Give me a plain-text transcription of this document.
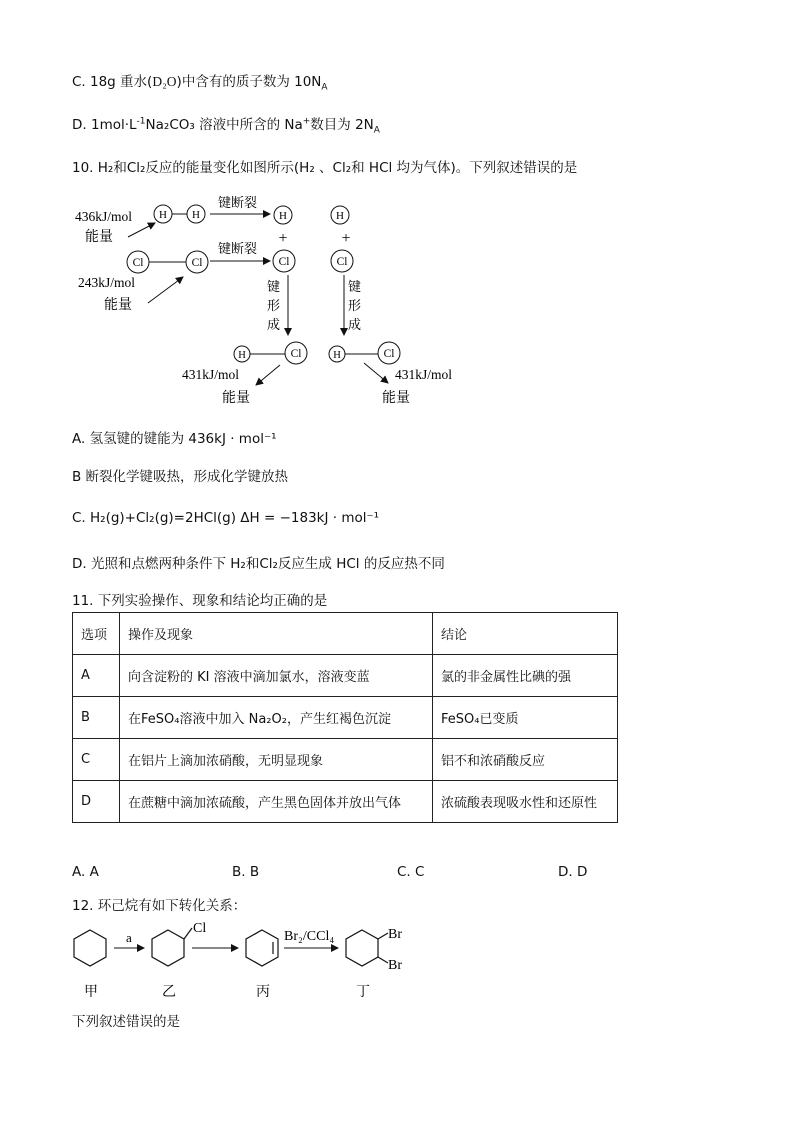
C. 18g 重水(D₂O)中含有的质子数为 $10N_A$
D. $1mol\cdot L^{-1}Na_2CO_3$ 溶液中所含的 Na+数目为 $2N_A$
10. H₂和Cl₂反应的能量变化如图所示(H₂ 、Cl₂和 HCl 均为气体)。下列叙述错误的是
H H
436kJ/mol
能量
键断裂
H
+
H
+
Cl	Cl
243kJ/mol
能量
键断裂
Cl	Cl
键
形
成
键
形
成
H	Cl
431kJ/mol
能量
H	Cl
431kJ/mol
能量
A. 氢氢键的键能为 436kJ · mol⁻¹
B 断裂化学键吸热，形成化学键放热
C. H₂(g)+Cl₂(g)=2HCl(g) ΔH = −183kJ · mol⁻¹
D. 光照和点燃两种条件下 H₂和Cl₂反应生成 HCl 的反应热不同
11. 下列实验操作、现象和结论均正确的是
选项	操作及现象	结论
A	向含淀粉的 KI 溶液中滴加氯水，溶液变蓝	氯的非金属性比碘的强
B	在FeSO₄溶液中加入 Na₂O₂，产生红褐色沉淀	FeSO₄已变质
C	在铝片上滴加浓硝酸，无明显现象	铝不和浓硝酸反应
D	在蔗糖中滴加浓硫酸，产生黑色固体并放出气体	浓硫酸表现吸水性和还原性
A. A	B. B	C. C	D. D
12. 环己烷有如下转化关系：
a
Cl
Br₂/CCl₄	Br
Br
甲	乙	丙	丁
下列叙述错误的是
